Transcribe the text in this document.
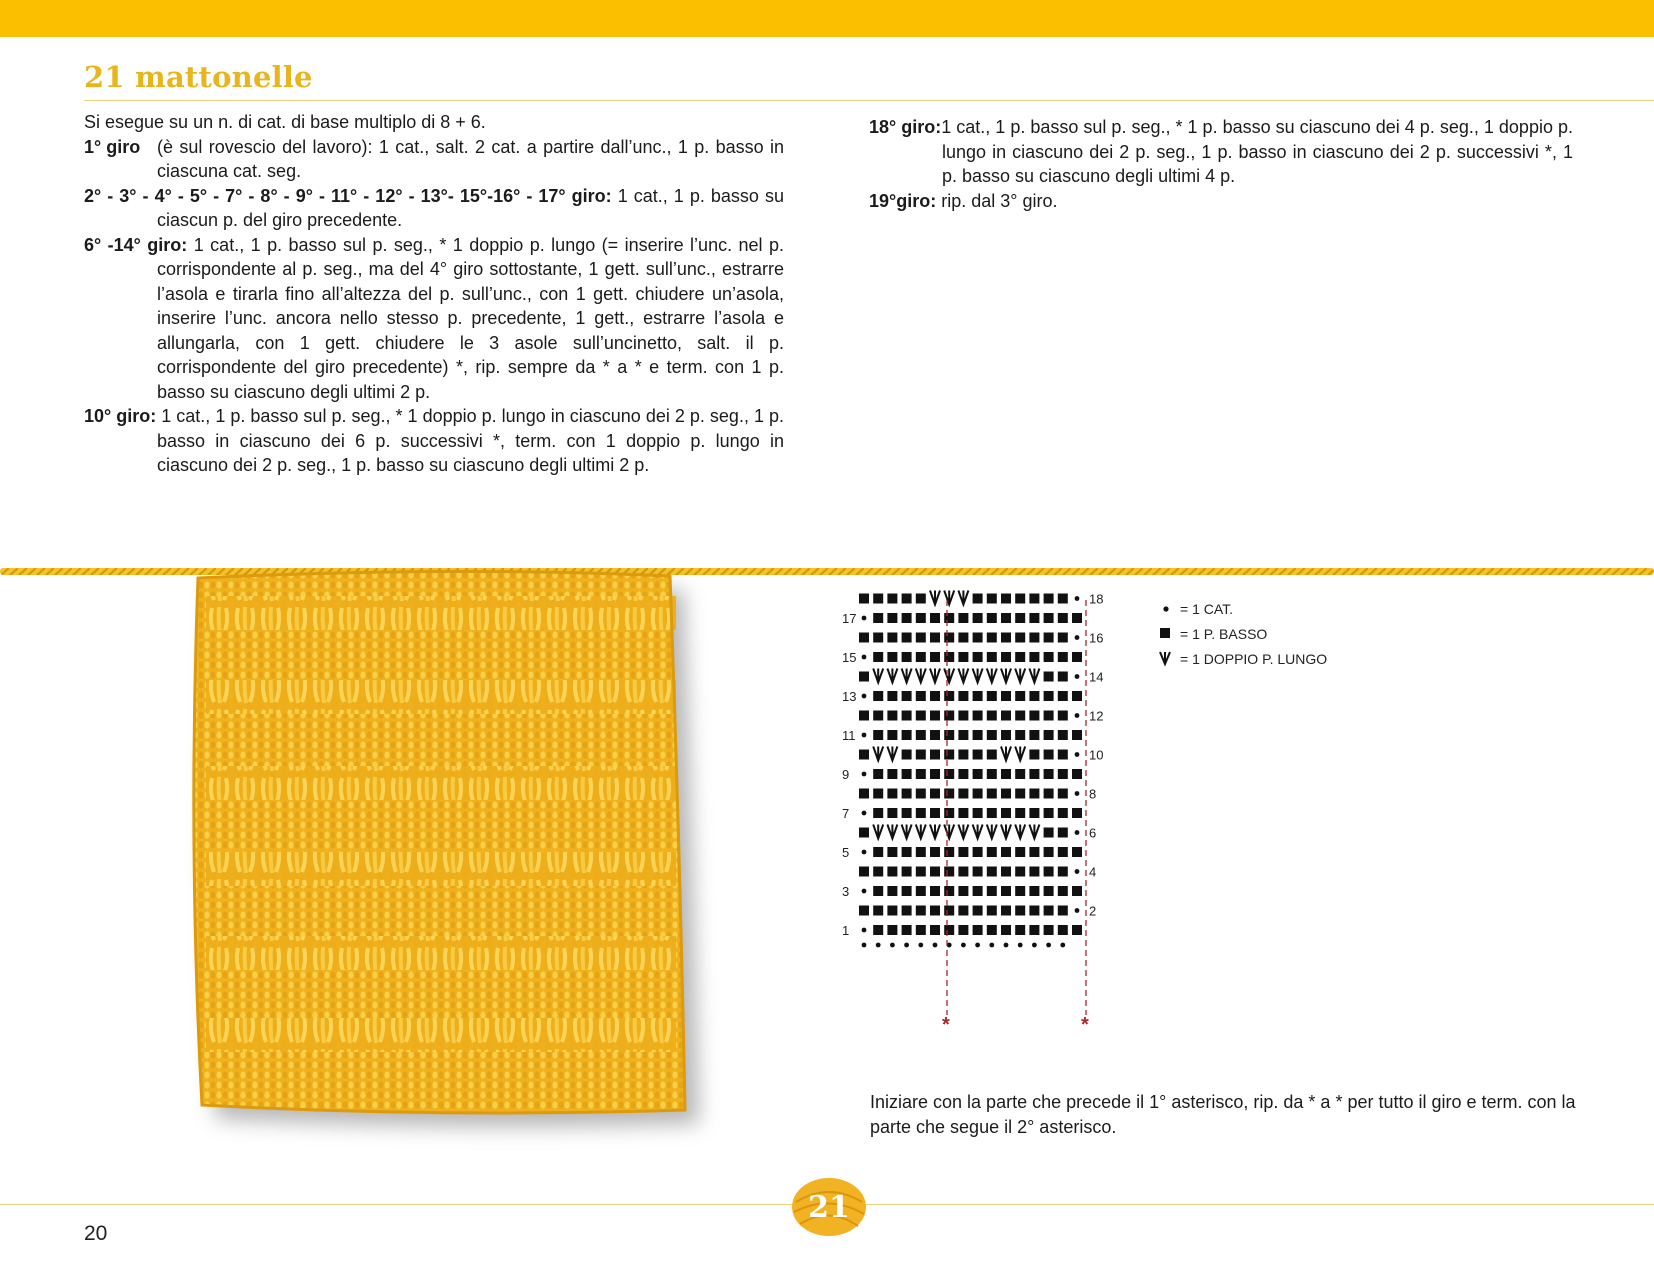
21 mattonelle

Si esegue su un n. di cat. di base multiplo di 8 + 6.

1° giro (è sul rovescio del lavoro): 1 cat., salt. 2 cat. a partire dall’unc., 1 p. basso in ciascuna cat. seg.

2° - 3° - 4° - 5° - 7° - 8° - 9° - 11° - 12° - 13°- 15°-16° - 17° giro: 1 cat., 1 p. basso su ciascun p. del giro precedente.

6° -14° giro: 1 cat., 1 p. basso sul p. seg., * 1 doppio p. lungo (= inserire l’unc. nel p. corrispondente al p. seg., ma del 4° giro sottostante, 1 gett. sull’unc., estrarre l’asola e tirarla fino all’altezza del p. sull’unc., con 1 gett. chiudere un’asola, inserire l’unc. ancora nello stesso p. precedente, 1 gett., estrarre l’asola e allungarla, con 1 gett. chiudere le 3 asole sull’uncinetto, salt. il p. corrispondente del giro precedente) *, rip. sempre da * a * e term. con 1 p. basso su ciascuno degli ultimi 2 p.

10° giro: 1 cat., 1 p. basso sul p. seg., * 1 doppio p. lungo in ciascuno dei 2 p. seg., 1 p. basso in ciascuno dei 6 p. successivi *, term. con 1 doppio p. lungo in ciascuno dei 2 p. seg., 1 p. basso su ciascuno degli ultimi 2 p.

18° giro:1 cat., 1 p. basso sul p. seg., * 1 p. basso su ciascuno dei 4 p. seg., 1 doppio p. lungo in ciascuno dei 2 p. seg., 1 p. basso in ciascuno dei 2 p. successivi *, 1 p. basso su ciascuno degli ultimi 4 p.

19°giro: rip. dal 3° giro.

1
2
3
4
5
6
7
8
9
10
11
12
13
14
15
16
17
18
*	*
= 1 CAT.
= 1 P. BASSO
= 1 DOPPIO P. LUNGO

Iniziare con la parte che precede il 1° asterisco, rip. da * a * per tutto il giro e term. con la parte che segue il 2° asterisco.

20
21
